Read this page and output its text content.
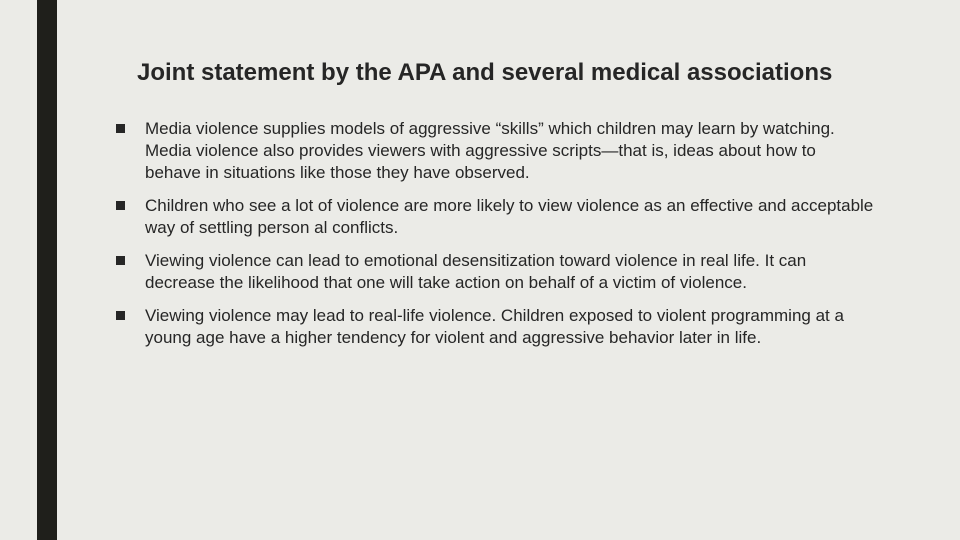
Joint statement by the APA and several medical associations
Media violence supplies models of aggressive “skills” which children may learn by watching. Media violence also provides viewers with aggressive scripts—that is, ideas about how to behave in situations like those they have observed.
Children who see a lot of violence are more likely to view violence as an effective and acceptable way of settling person al conflicts.
Viewing violence can lead to emotional desensitization toward violence in real life. It can decrease the likelihood that one will take action on behalf of a victim of violence.
Viewing violence may lead to real-life violence. Children exposed to violent programming at a young age have a higher tendency for violent and aggressive behavior later in life.
